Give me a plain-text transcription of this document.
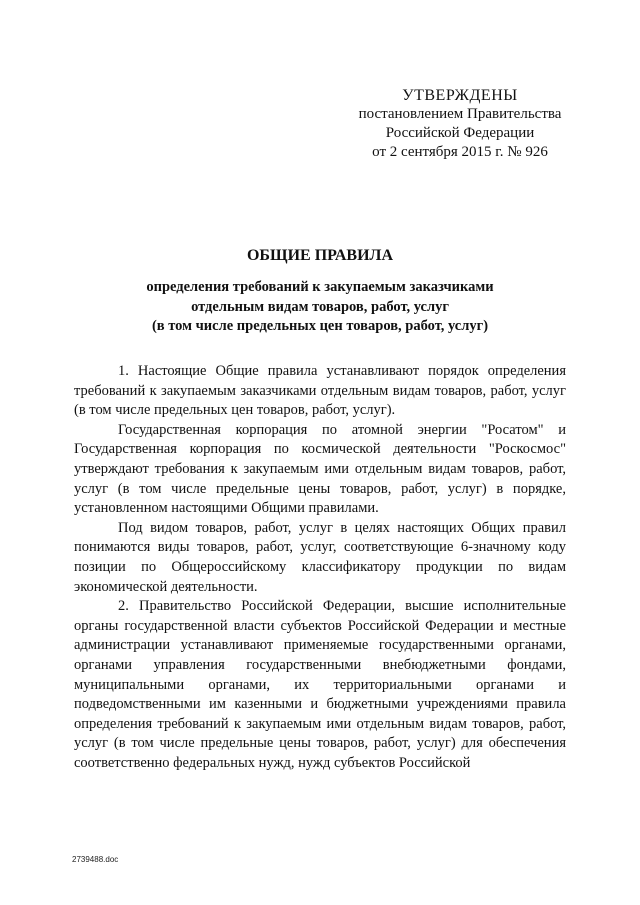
УТВЕРЖДЕНЫ
постановлением Правительства
Российской Федерации
от 2 сентября 2015 г. № 926
ОБЩИЕ ПРАВИЛА
определения требований к закупаемым заказчиками
отдельным видам товаров, работ, услуг
(в том числе предельных цен товаров, работ, услуг)

1. Настоящие Общие правила устанавливают порядок определения требований к закупаемым заказчиками отдельным видам товаров, работ, услуг (в том числе предельных цен товаров, работ, услуг).

Государственная корпорация по атомной энергии "Росатом" и Государственная корпорация по космической деятельности "Роскосмос" утверждают требования к закупаемым ими отдельным видам товаров, работ, услуг (в том числе предельные цены товаров, работ, услуг) в порядке, установленном настоящими Общими правилами.

Под видом товаров, работ, услуг в целях настоящих Общих правил понимаются виды товаров, работ, услуг, соответствующие 6-значному коду позиции по Общероссийскому классификатору продукции по видам экономической деятельности.

2. Правительство Российской Федерации, высшие исполнительные органы государственной власти субъектов Российской Федерации и местные администрации устанавливают применяемые государственными органами, органами управления государственными внебюджетными фондами, муниципальными органами, их территориальными органами и подведомственными им казенными и бюджетными учреждениями правила определения требований к закупаемым ими отдельным видам товаров, работ, услуг (в том числе предельные цены товаров, работ, услуг) для обеспечения соответственно федеральных нужд, нужд субъектов Российской

2739488.doc
